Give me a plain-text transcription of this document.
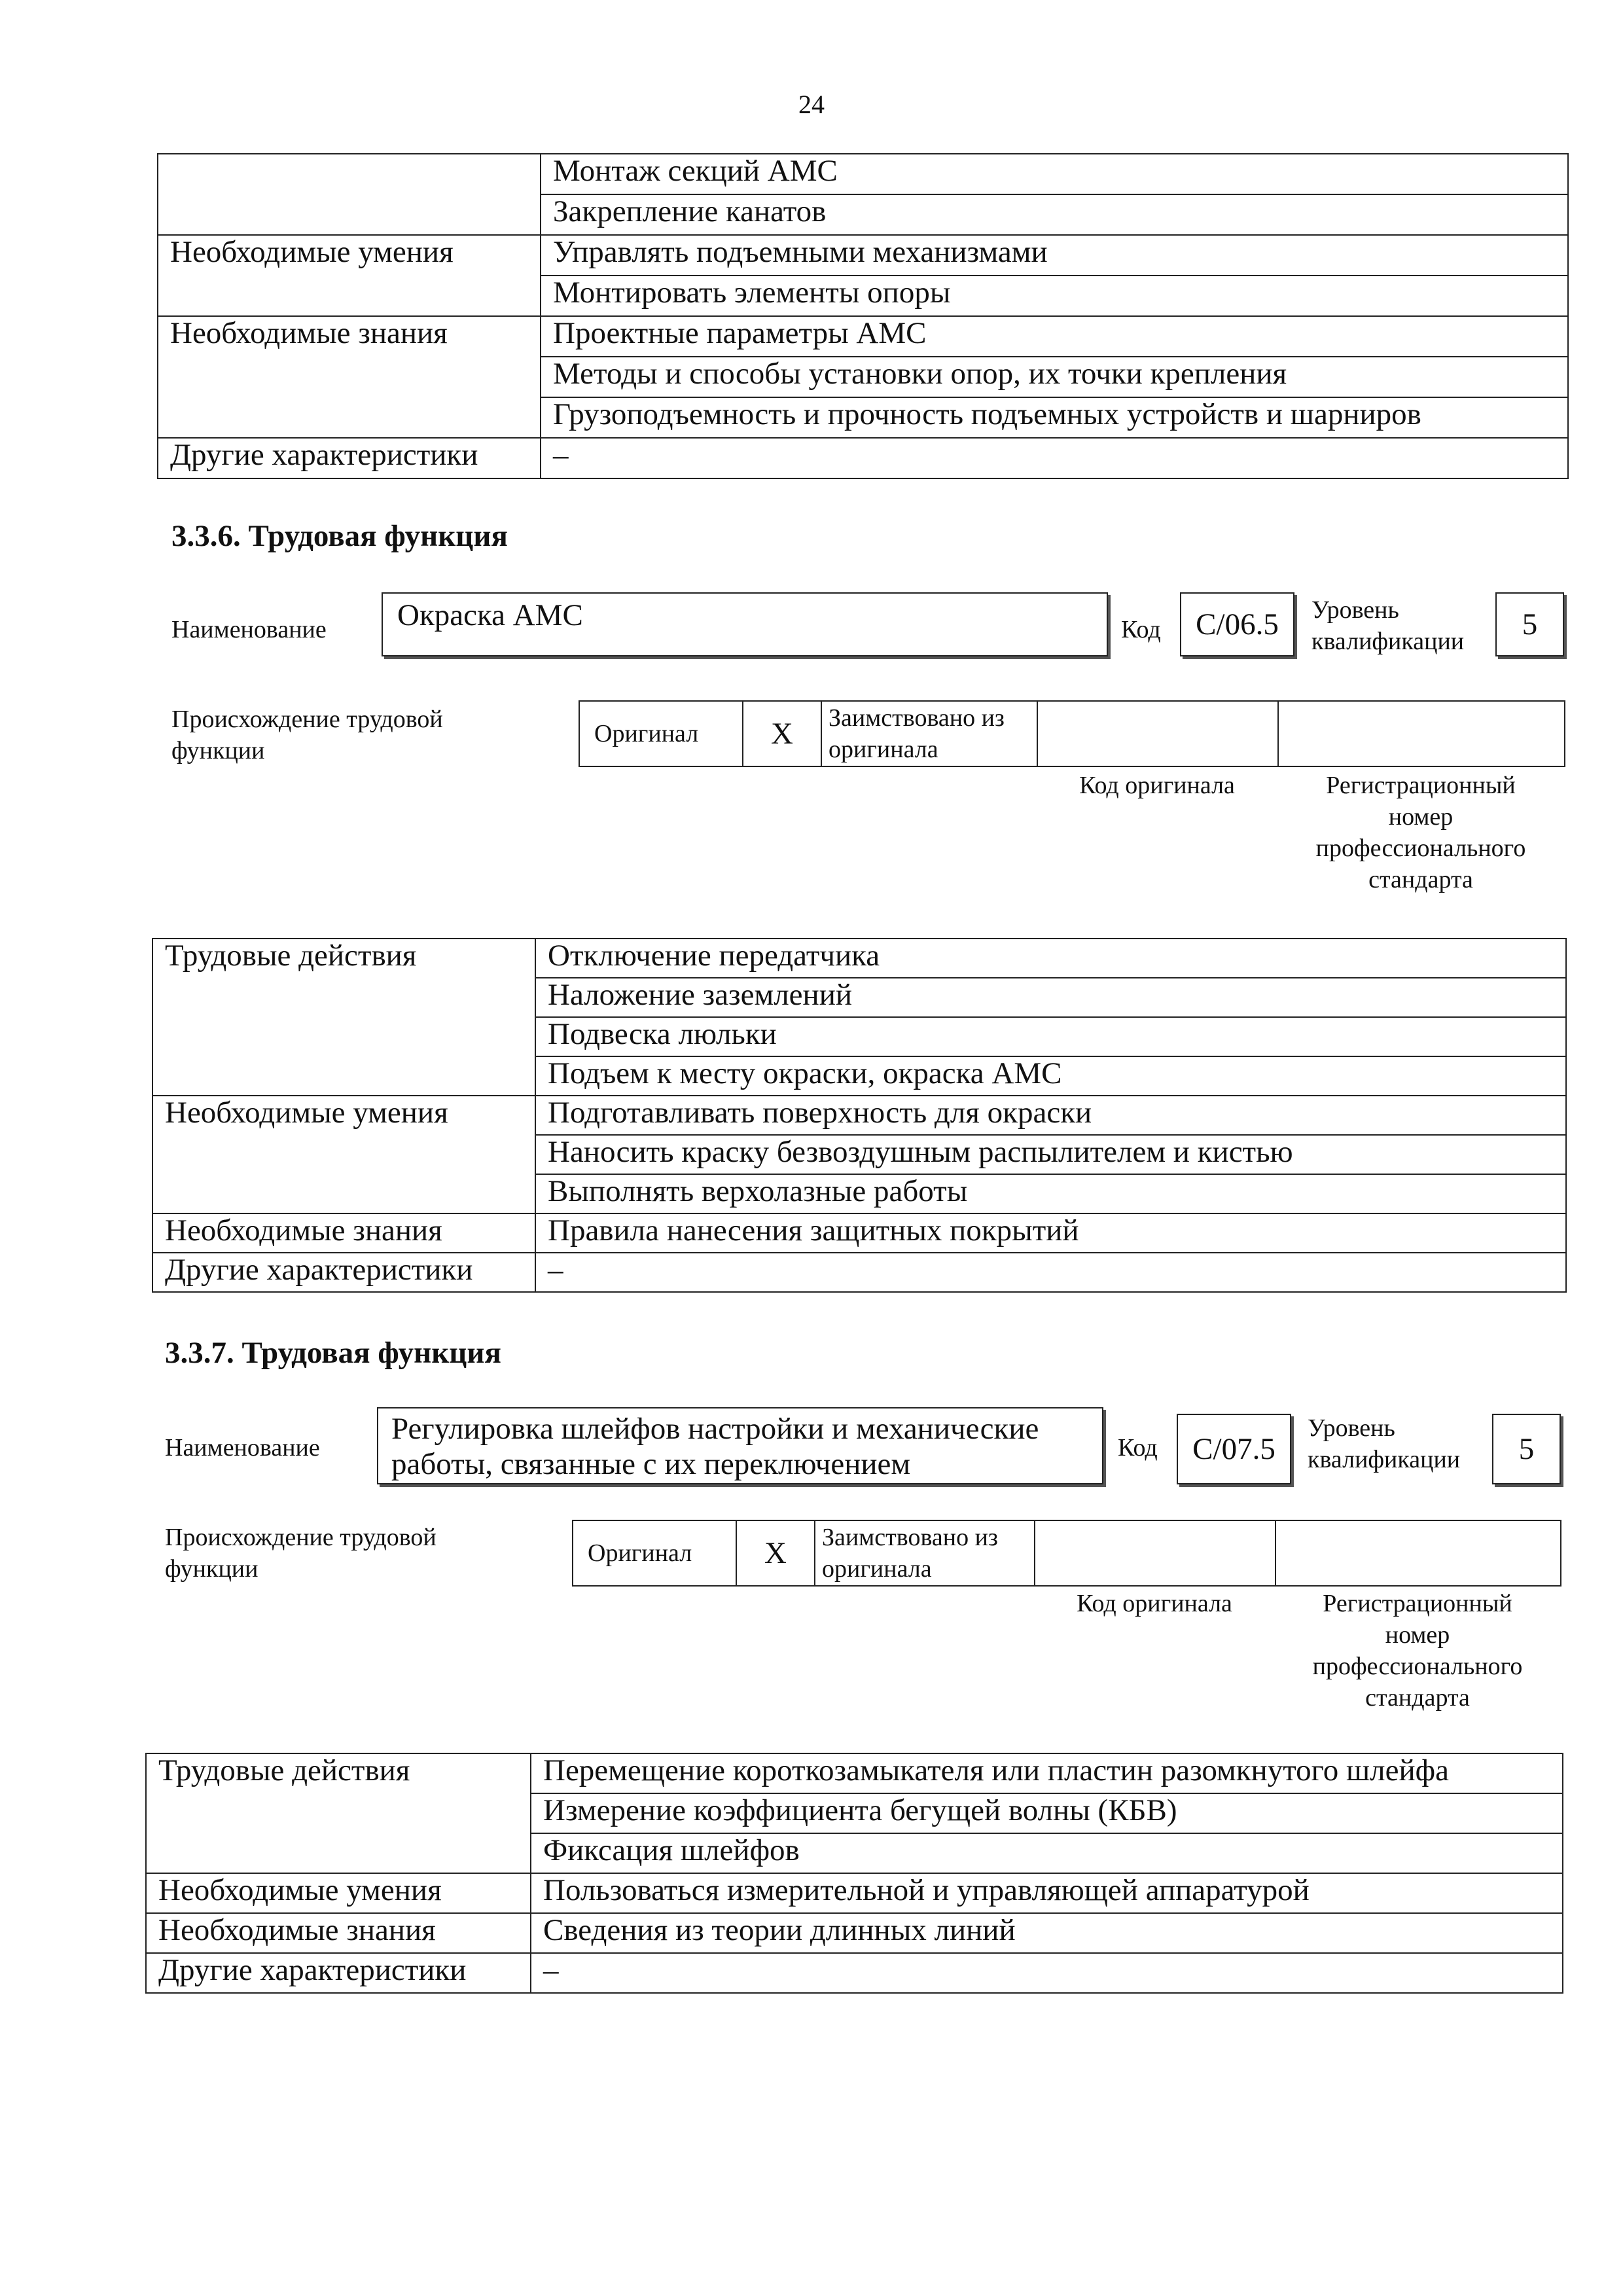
24
	Монтаж секций АМС
	Закрепление канатов
Необходимые умения	Управлять подъемными механизмами
	Монтировать элементы опоры
Необходимые знания	Проектные параметры АМС
	Методы и способы установки опор, их точки крепления
	Грузоподъемность и прочность подъемных устройств и шарниров
Другие характеристики	–
3.3.6. Трудовая функция
Наименование	Окраска АМС	Код С/06.5 Уровень
квалификации 5
Происхождение трудовой
функции
Оригинал	X	Заимствовано из
оригинала

Код оригинала	Регистрационный
номер
профессионального
стандарта
Трудовые действия	Отключение передатчика
	Наложение заземлений
	Подвеска люльки
	Подъем к месту окраски, окраска АМС
Необходимые умения	Подготавливать поверхность для окраски
	Наносить краску безвоздушным распылителем и кистью
	Выполнять верхолазные работы
Необходимые знания	Правила нанесения защитных покрытий
Другие характеристики	–
3.3.7. Трудовая функция
Наименование
Регулировка шлейфов настройки и механические
работы, связанные с их переключением	Код С/07.5
Уровень
квалификации 5
Происхождение трудовой
функции
Оригинал	X	Заимствовано из
оригинала

Код оригинала	Регистрационный
номер
профессионального
стандарта
Трудовые действия	Перемещение короткозамыкателя или пластин разомкнутого шлейфа
	Измерение коэффициента бегущей волны (КБВ)
	Фиксация шлейфов
Необходимые умения	Пользоваться измерительной и управляющей аппаратурой
Необходимые знания	Сведения из теории длинных линий
Другие характеристики	–
